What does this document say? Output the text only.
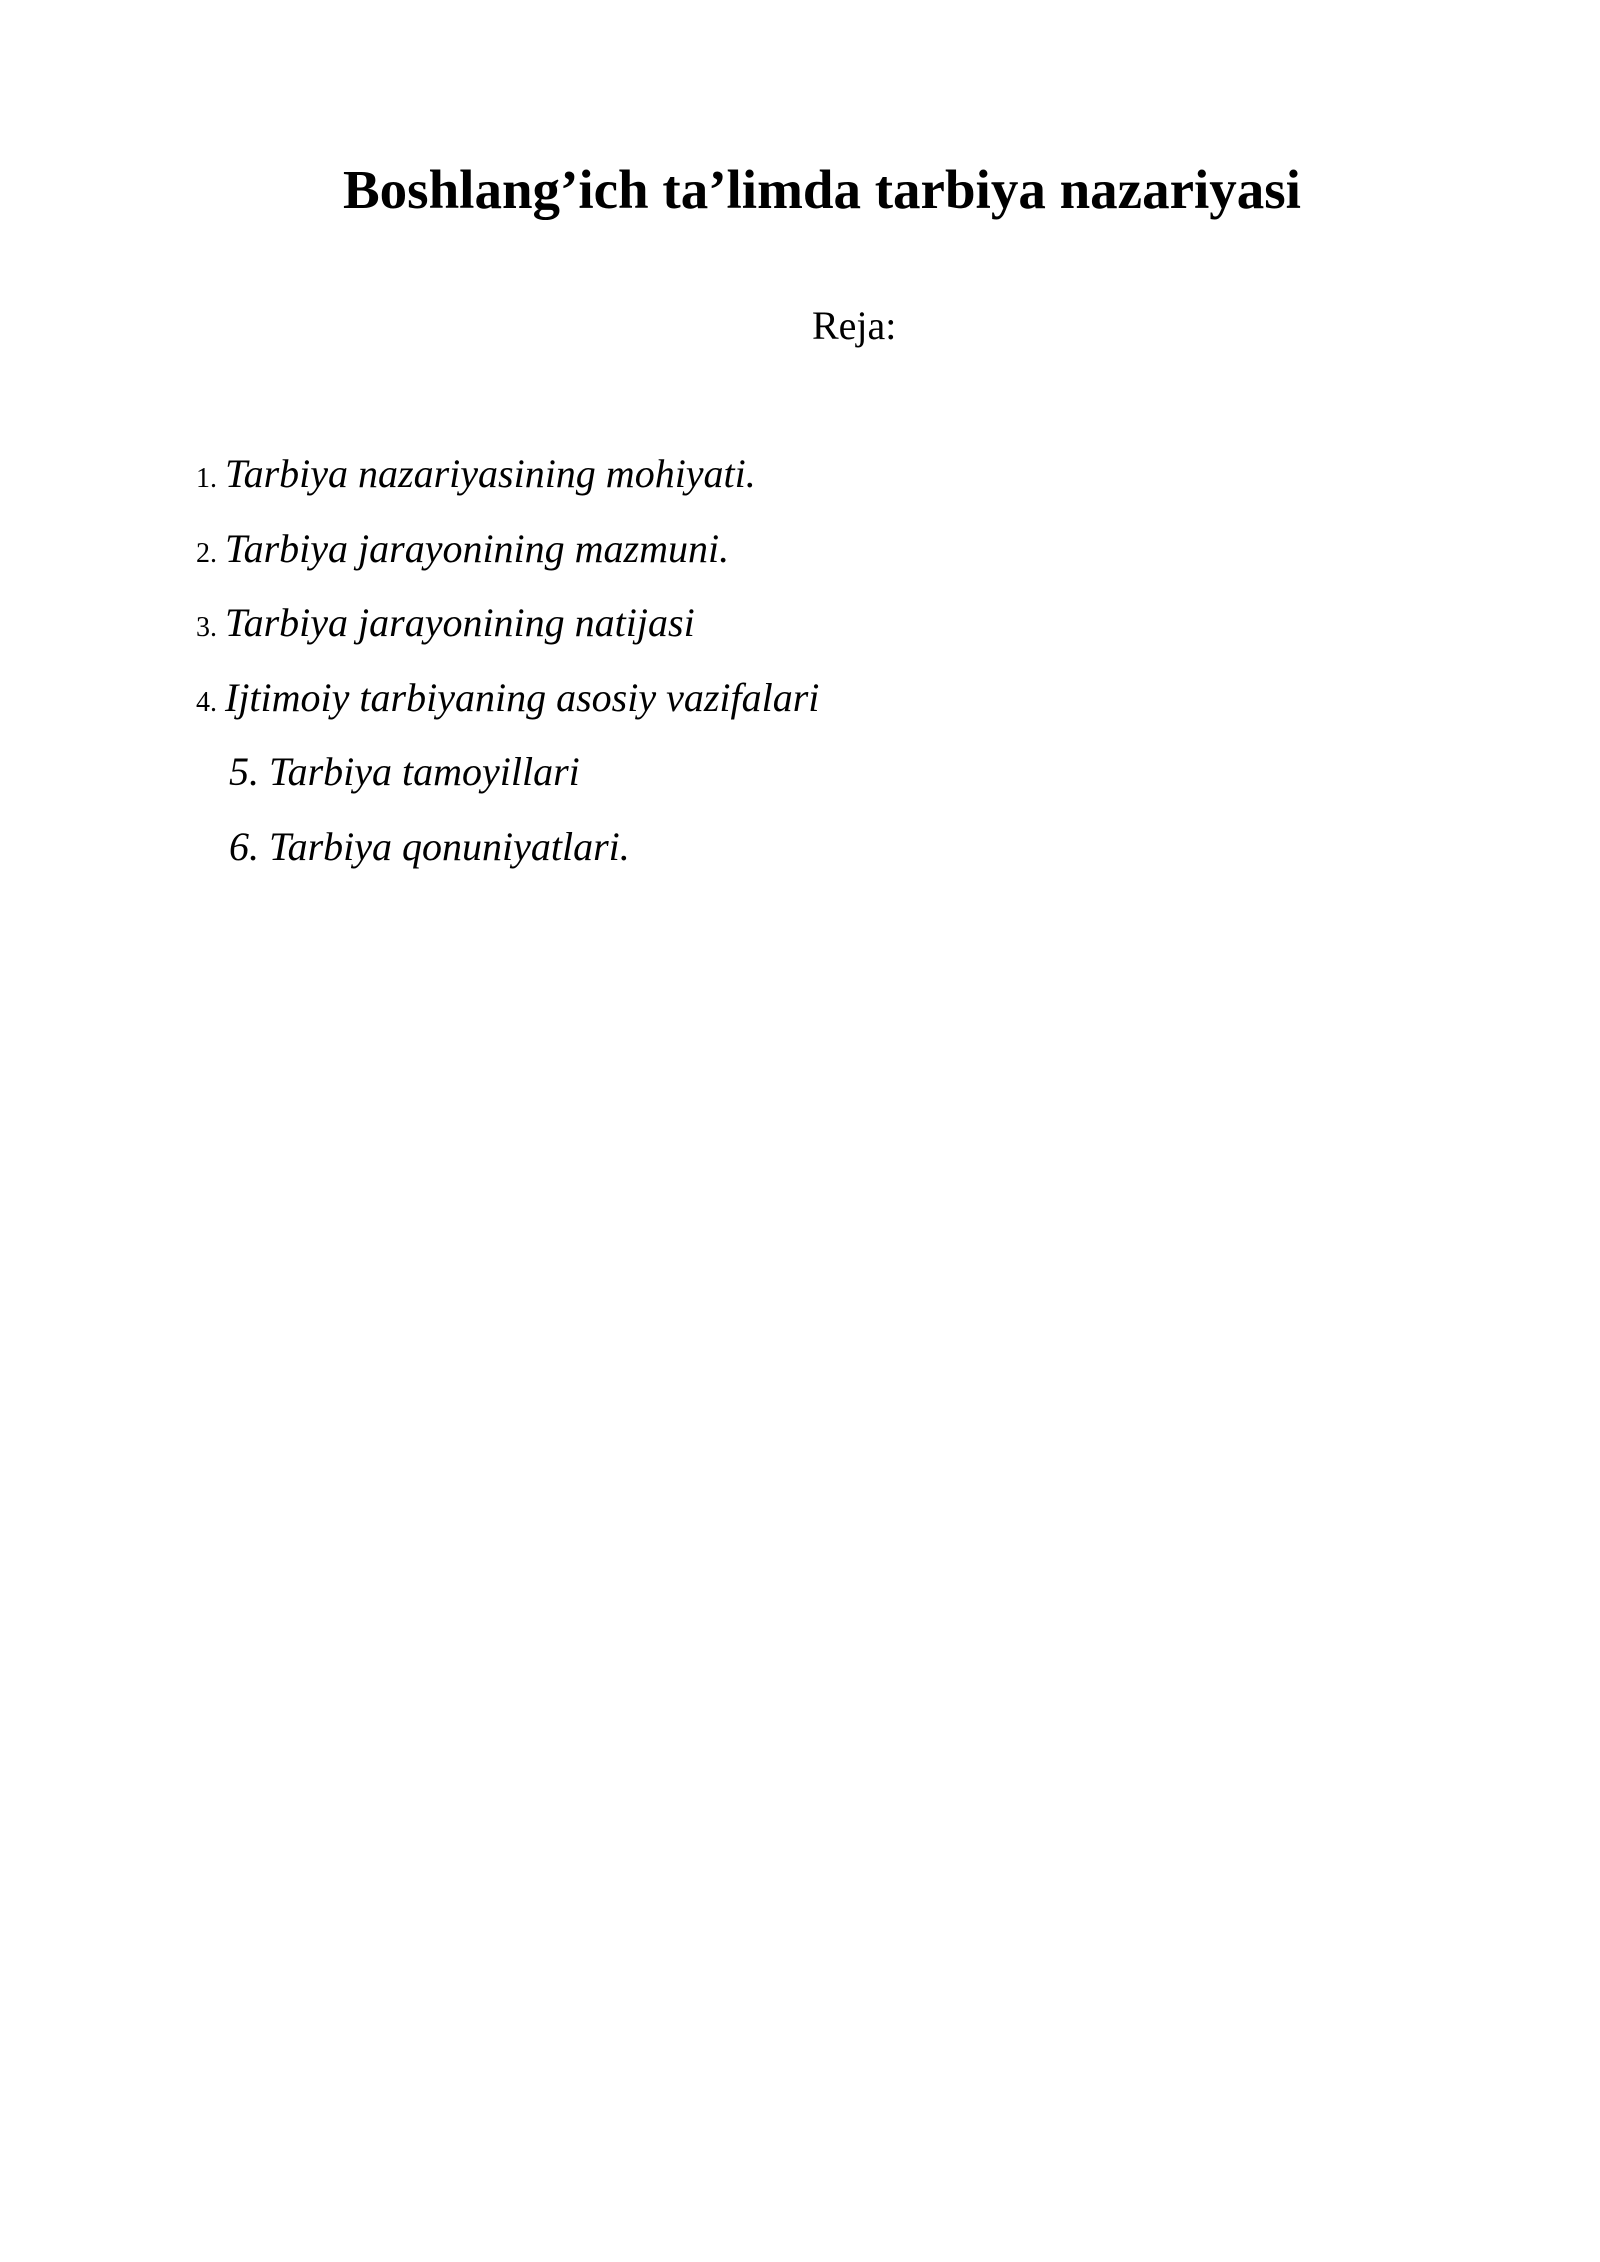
Boshlang’ich ta’limda tarbiya nazariyasi

Reja:

1. Tarbiya nazariyasining mohiyati.
2. Tarbiya jarayonining mazmuni.
3. Tarbiya jarayonining natijasi
4. Ijtimoiy tarbiyaning asosiy vazifalari
5. Tarbiya tamoyillari
6. Tarbiya qonuniyatlari.
